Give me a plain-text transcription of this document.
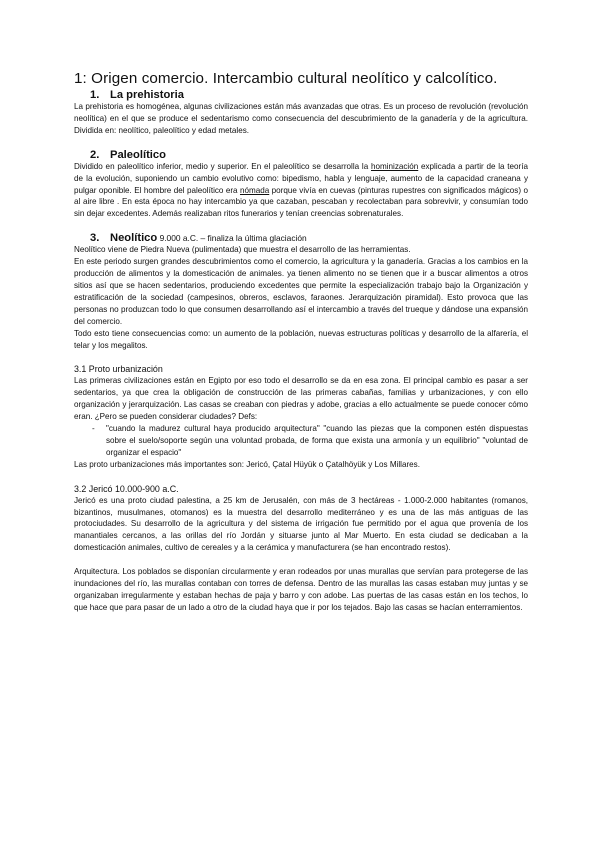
1: Origen comercio. Intercambio cultural neolítico y calcolítico.
1. La prehistoria

La prehistoria es homogénea, algunas civilizaciones están más avanzadas que otras. Es un proceso de revolución (revolución neolítica) en el que se produce el sedentarismo como consecuencia del descubrimiento de la ganadería y de la agricultura. Dividida en: neolítico, paleolítico y edad metales.

2. Paleolítico

Dividido en paleolítico inferior, medio y superior. En el paleolítico se desarrolla la hominización explicada a partir de la teoría de la evolución, suponiendo un cambio evolutivo como: bipedismo, habla y lenguaje, aumento de la capacidad craneana y pulgar oponible. El hombre del paleolítico era nómada porque vivía en cuevas (pinturas rupestres con significados mágicos) o al aire libre . En esta época no hay intercambio ya que cazaban, pescaban y recolectaban para sobrevivir, y consumían todo sin dejar excedentes. Además realizaban ritos funerarios y tenían creencias sobrenaturales.

3. Neolítico 9.000 a.C. – finaliza la última glaciación

Neolítico viene de Piedra Nueva (pulimentada) que muestra el desarrollo de las herramientas.

En este periodo surgen grandes descubrimientos como el comercio, la agricultura y la ganadería. Gracias a los cambios en la producción de alimentos y la domesticación de animales. ya tienen alimento no se tienen que ir a buscar alimentos a otros sitios así que se hacen sedentarios, produciendo excedentes que permite la especialización trabajo bajo la Organización y estratificación de la sociedad (campesinos, obreros, esclavos, faraones. Jerarquización piramidal). Esto provoca que las personas no produzcan todo lo que consumen desarrollando así el intercambio a través del trueque y dándose una expansión del comercio.

Todo esto tiene consecuencias como: un aumento de la población, nuevas estructuras políticas y desarrollo de la alfarería, el telar y los megalitos.

3.1 Proto urbanización

Las primeras civilizaciones están en Egipto por eso todo el desarrollo se da en esa zona. El principal cambio es pasar a ser sedentarios, ya que crea la obligación de construcción de las primeras cabañas, familias y urbanizaciones, y con ello organización y jerarquización. Las casas se creaban con piedras y adobe, gracias a ello actualmente se puede conocer cómo eran. ¿Pero se pueden considerar ciudades? Defs:

- "cuando la madurez cultural haya producido arquitectura" "cuando las piezas que la componen estén dispuestas sobre el suelo/soporte según una voluntad probada, de forma que exista una armonía y un equilibrio" "voluntad de organizar el espacio"

Las proto urbanizaciones más importantes son: Jericó, Çatal Hüyük o Çatalhöyük y Los Millares.

3.2 Jericó 10.000-900 a.C.

Jericó es una proto ciudad palestina, a 25 km de Jerusalén, con más de 3 hectáreas - 1.000-2.000 habitantes (romanos, bizantinos, musulmanes, otomanos) es la muestra del desarrollo mediterráneo y es una de las más antiguas de las protociudades. Su desarrollo de la agricultura y del sistema de irrigación fue permitido por el agua que provenía de los manantiales cercanos, a las orillas del río Jordán y situarse junto al Mar Muerto. En esta ciudad se dedicaban a la domesticación animales, cultivo de cereales y a la cerámica y manufacturera (se han encontrado restos).

Arquitectura. Los poblados se disponían circularmente y eran rodeados por unas murallas que servían para protegerse de las inundaciones del río, las murallas contaban con torres de defensa. Dentro de las murallas las casas estaban muy juntas y se organizaban irregularmente y estaban hechas de paja y barro y con adobe. Las puertas de las casas están en los techos, lo que hace que para pasar de un lado a otro de la ciudad haya que ir por los tejados. Bajo las casas se hacían enterramientos.
